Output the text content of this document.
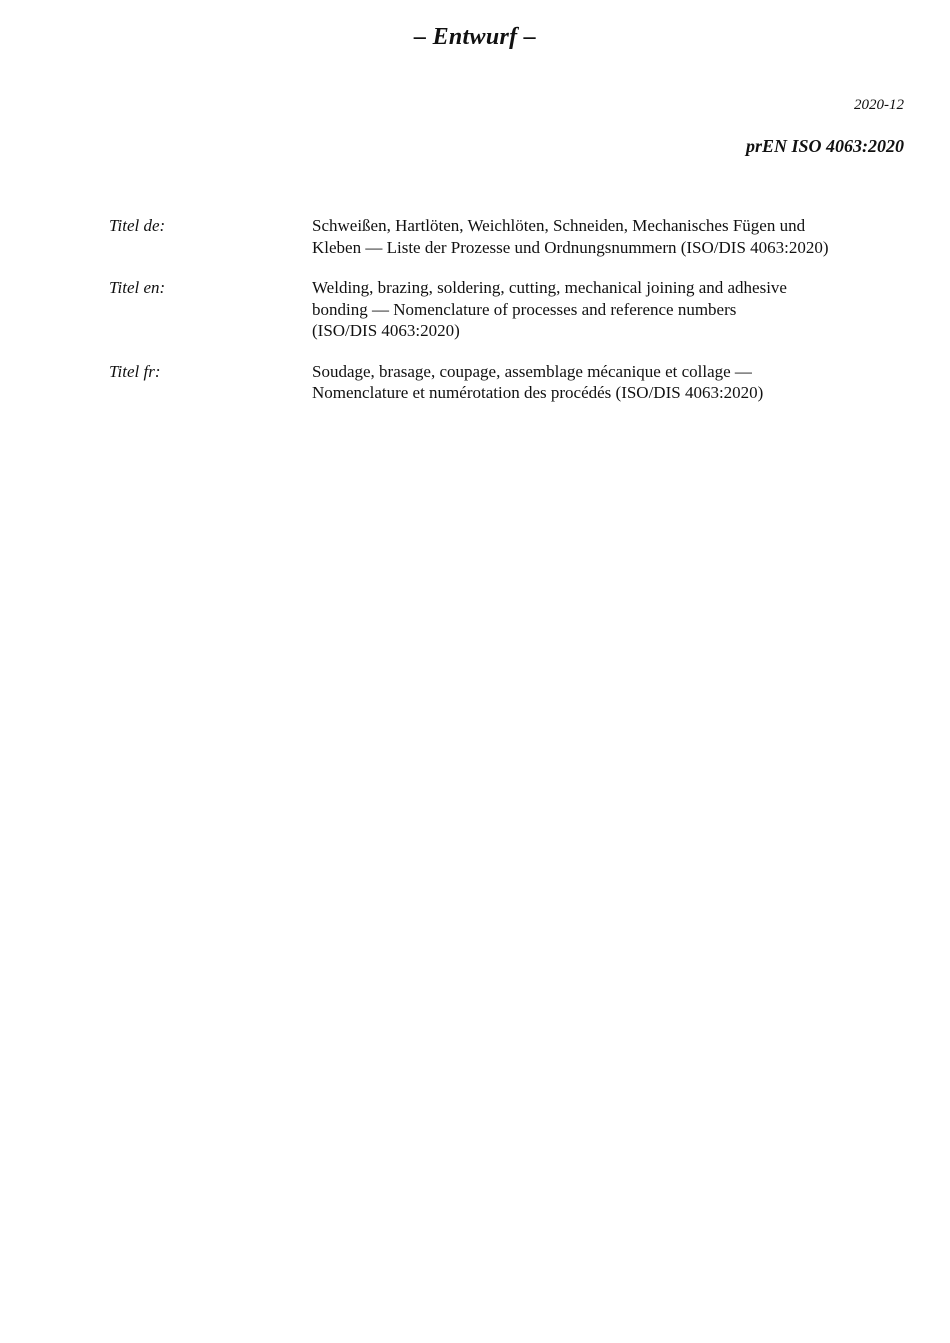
– Entwurf –
2020-12
prEN ISO 4063:2020
Titel de:	Schweißen, Hartlöten, Weichlöten, Schneiden, Mechanisches Fügen und
Kleben — Liste der Prozesse und Ordnungsnummern (ISO/DIS 4063:2020)
Titel en:	Welding, brazing, soldering, cutting, mechanical joining and adhesive
bonding — Nomenclature of processes and reference numbers
(ISO/DIS 4063:2020)
Titel fr:	Soudage, brasage, coupage, assemblage mécanique et collage —
Nomenclature et numérotation des procédés (ISO/DIS 4063:2020)
